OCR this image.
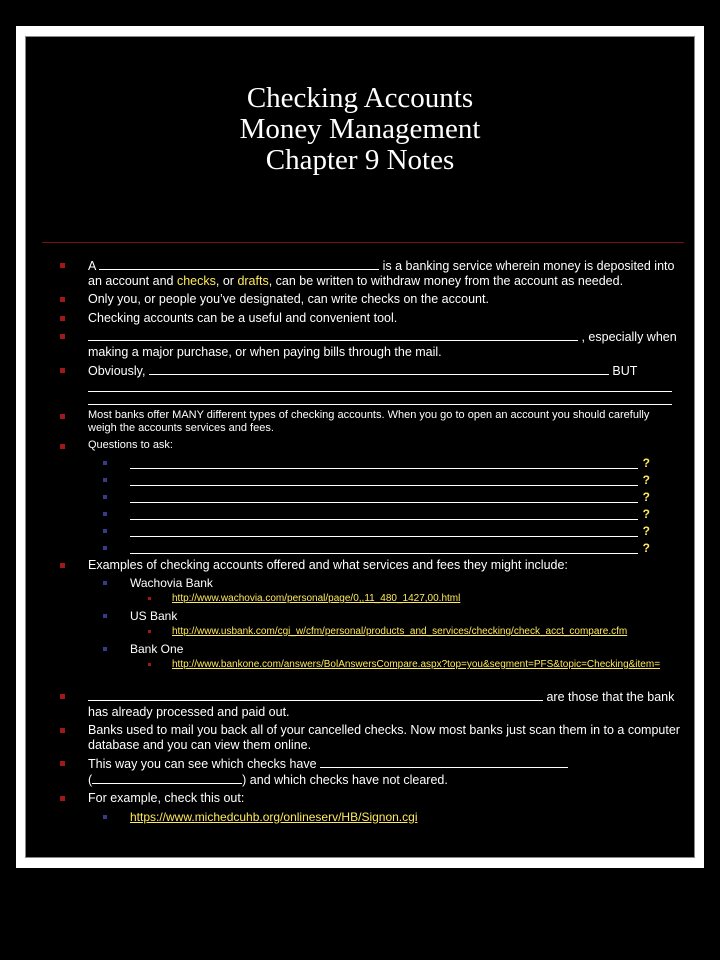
Checking Accounts
Money Management
Chapter 9 Notes
A	is a banking service wherein money is deposited into an account and checks, or drafts, can be written to withdraw money from the account as needed.
Only you, or people you’ve designated, can write checks on the account.
Checking accounts can be a useful and convenient tool.
, especially when making a major purchase, or when paying bills through the mail.
Obviously,	BUT
Most banks offer MANY different types of checking accounts. When you go to open an account you should carefully weigh the accounts services and fees.
Questions to ask:
?
?
?
?
?
?
Examples of checking accounts offered and what services and fees they might include:
Wachovia Bank
http://www.wachovia.com/personal/page/0,,11_480_1427,00.html
US Bank
http://www.usbank.com/cgi_w/cfm/personal/products_and_services/checking/check_acct_compare.cfm
Bank One
http://www.bankone.com/answers/BolAnswersCompare.aspx?top=you&segment=PFS&topic=Checking&item=
are those that the bank has already processed and paid out.
Banks used to mail you back all of your cancelled checks. Now most banks just scan them in to a computer database and you can view them online.
This way you can see which checks have
(	) and which checks have not cleared.
For example, check this out:
https://www.michedcuhb.org/onlineserv/HB/Signon.cgi
